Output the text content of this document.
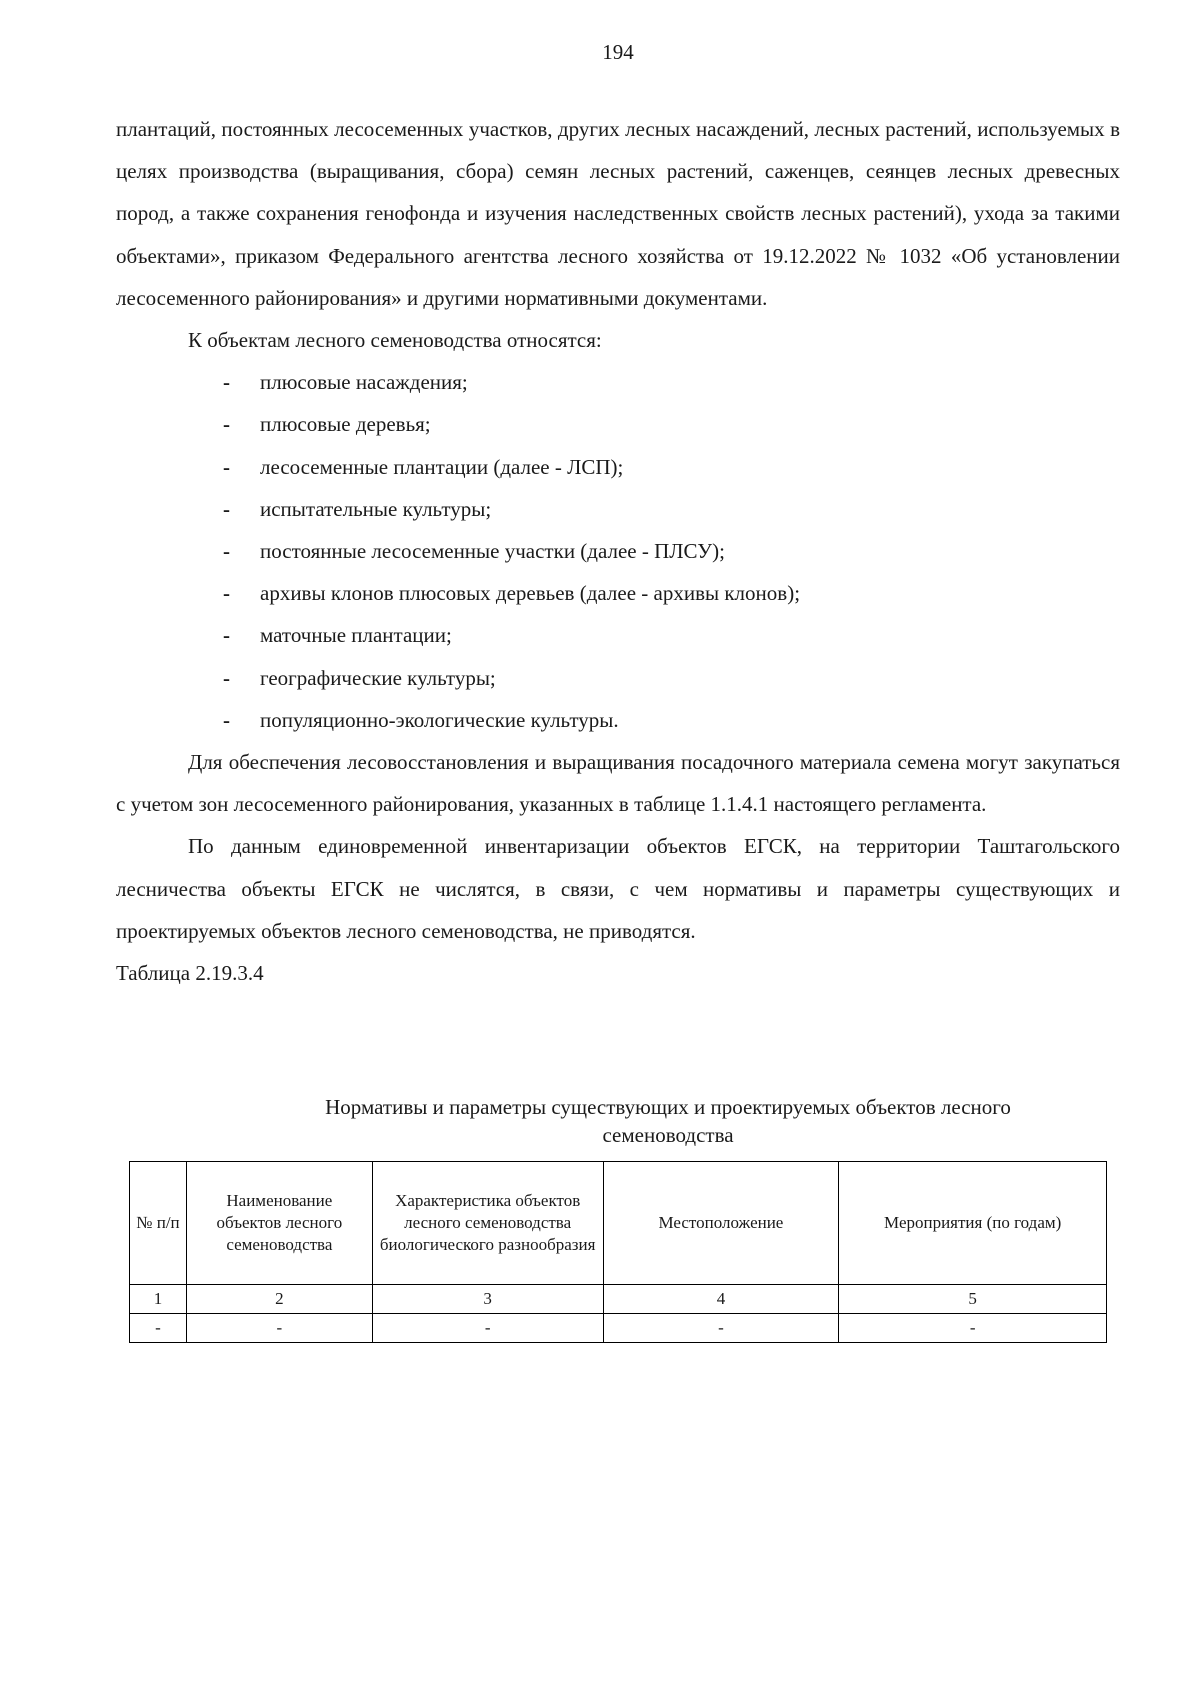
194

плантаций, постоянных лесосеменных участков, других лесных насаждений, лесных растений, используемых в целях производства (выращивания, сбора) семян лесных растений, саженцев, сеянцев лесных древесных пород, а также сохранения генофонда и изучения наследственных свойств лесных растений), ухода за такими объектами», приказом Федерального агентства лесного хозяйства от 19.12.2022 № 1032 «Об установлении лесосеменного районирования» и другими нормативными документами.

К объектам лесного семеноводства относятся:

- плюсовые насаждения;
- плюсовые деревья;
- лесосеменные плантации (далее - ЛСП);
- испытательные культуры;
- постоянные лесосеменные участки (далее - ПЛСУ);
- архивы клонов плюсовых деревьев (далее - архивы клонов);
- маточные плантации;
- географические культуры;
- популяционно-экологические культуры.

Для обеспечения лесовосстановления и выращивания посадочного материала семена могут закупаться с учетом зон лесосеменного районирования, указанных в таблице 1.1.4.1 настоящего регламента.

По данным единовременной инвентаризации объектов ЕГСК, на территории Таштагольского лесничества объекты ЕГСК не числятся, в связи, с чем нормативы и параметры существующих и проектируемых объектов лесного семеноводства, не приводятся.

Таблица 2.19.3.4

Нормативы и параметры существующих и проектируемых объектов лесного
семеноводства
№ п/п	Наименование объектов лесного семеноводства	Характеристика объектов лесного семеноводства биологического разнообразия	Местоположение	Мероприятия (по годам)
1	2	3	4	5
-	-	-	-	-
